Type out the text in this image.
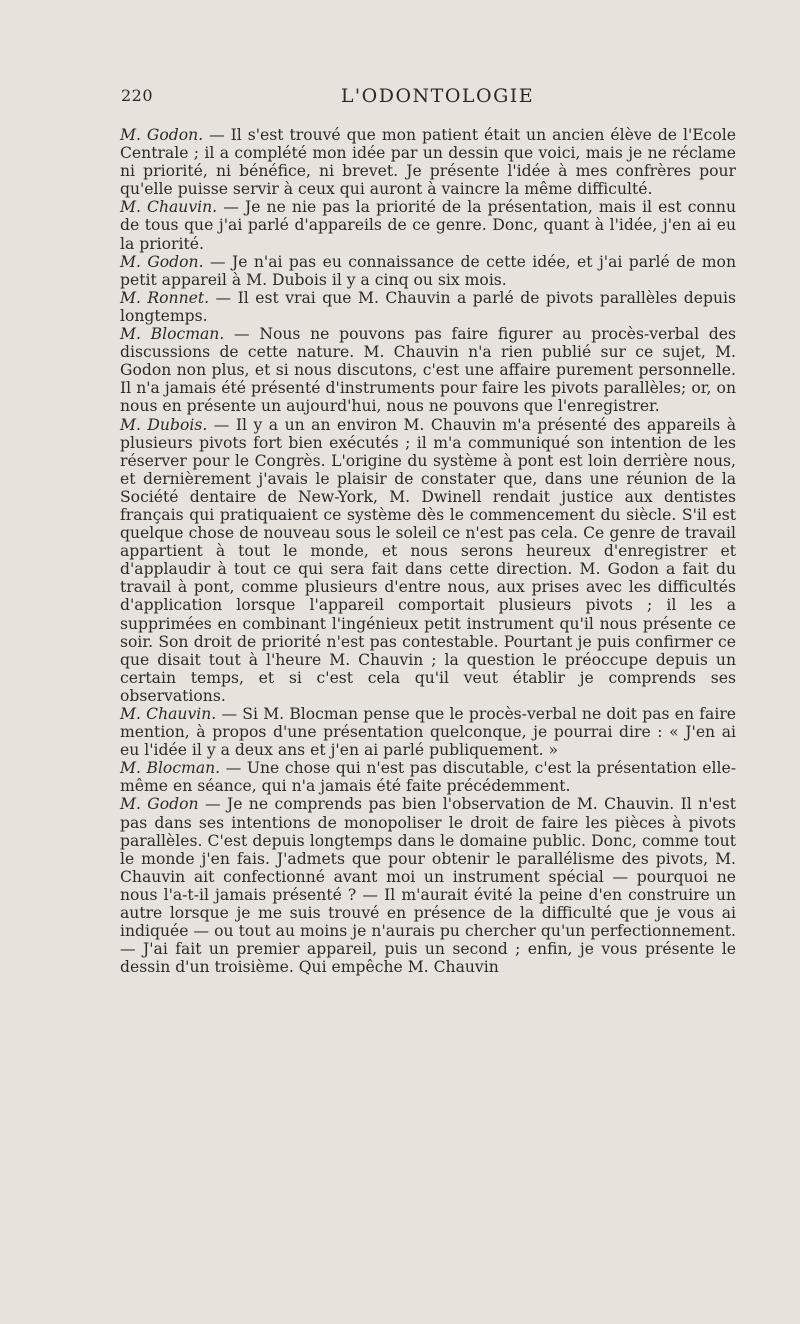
220	L'ODONTOLOGIE

M. Godon. — Il s'est trouvé que mon patient était un ancien élève de l'Ecole Centrale ; il a complété mon idée par un dessin que voici, mais je ne réclame ni priorité, ni bénéfice, ni brevet. Je présente l'idée à mes confrères pour qu'elle puisse servir à ceux qui auront à vaincre la même difficulté.

M. Chauvin. — Je ne nie pas la priorité de la présentation, mais il est connu de tous que j'ai parlé d'appareils de ce genre. Donc, quant à l'idée, j'en ai eu la priorité.

M. Godon. — Je n'ai pas eu connaissance de cette idée, et j'ai parlé de mon petit appareil à M. Dubois il y a cinq ou six mois.

M. Ronnet. — Il est vrai que M. Chauvin a parlé de pivots parallèles depuis longtemps.

M. Blocman. — Nous ne pouvons pas faire figurer au procès-verbal des discussions de cette nature. M. Chauvin n'a rien publié sur ce sujet, M. Godon non plus, et si nous discutons, c'est une affaire purement personnelle. Il n'a jamais été présenté d'instruments pour faire les pivots parallèles; or, on nous en présente un aujourd'hui, nous ne pouvons que l'enregistrer.

M. Dubois. — Il y a un an environ M. Chauvin m'a présenté des appareils à plusieurs pivots fort bien exécutés ; il m'a communiqué son intention de les réserver pour le Congrès. L'origine du système à pont est loin derrière nous, et dernièrement j'avais le plaisir de constater que, dans une réunion de la Société dentaire de New-York, M. Dwinell rendait justice aux dentistes français qui pratiquaient ce système dès le commencement du siècle. S'il est quelque chose de nouveau sous le soleil ce n'est pas cela. Ce genre de travail appartient à tout le monde, et nous serons heureux d'enregistrer et d'applaudir à tout ce qui sera fait dans cette direction. M. Godon a fait du travail à pont, comme plusieurs d'entre nous, aux prises avec les difficultés d'application lorsque l'appareil comportait plusieurs pivots ; il les a supprimées en combinant l'ingénieux petit instrument qu'il nous présente ce soir. Son droit de priorité n'est pas contestable. Pourtant je puis confirmer ce que disait tout à l'heure M. Chauvin ; la question le préoccupe depuis un certain temps, et si c'est cela qu'il veut établir je comprends ses observations.

M. Chauvin. — Si M. Blocman pense que le procès-verbal ne doit pas en faire mention, à propos d'une présentation quelconque, je pourrai dire : « J'en ai eu l'idée il y a deux ans et j'en ai parlé publiquement. »

M. Blocman. — Une chose qui n'est pas discutable, c'est la présentation elle-même en séance, qui n'a jamais été faite précédemment.

M. Godon — Je ne comprends pas bien l'observation de M. Chauvin. Il n'est pas dans ses intentions de monopoliser le droit de faire les pièces à pivots parallèles. C'est depuis longtemps dans le domaine public. Donc, comme tout le monde j'en fais. J'admets que pour obtenir le parallélisme des pivots, M. Chauvin ait confectionné avant moi un instrument spécial — pourquoi ne nous l'a-t-il jamais présenté ? — Il m'aurait évité la peine d'en construire un autre lorsque je me suis trouvé en présence de la difficulté que je vous ai indiquée — ou tout au moins je n'aurais pu chercher qu'un perfectionnement. — J'ai fait un premier appareil, puis un second ; enfin, je vous présente le dessin d'un troisième. Qui empêche M. Chauvin
